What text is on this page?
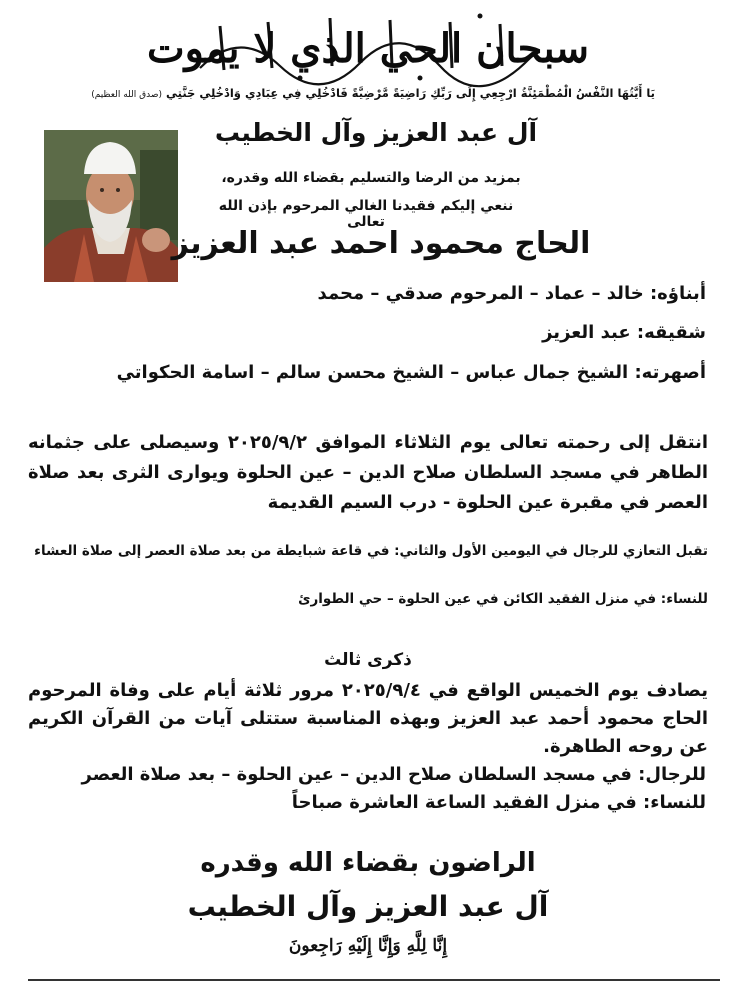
سبحان الحي الذي لا يموت
يَا أَيَّتُهَا النَّفْسُ الْمُطْمَئِنَّةُ ارْجِعِي إِلَى رَبِّكِ رَاضِيَةً مَّرْضِيَّةً فَادْخُلِي فِي عِبَادِي وَادْخُلِي جَنَّتِي (صدق الله العظيم)
آل عبد العزيز وآل الخطيب
بمزيد من الرضا والتسليم بقضاء الله وقدره،
ننعي إليكم فقيدنا الغالي المرحوم بإذن الله تعالى
الحاج محمود احمد عبد العزيز
أبناؤه: خالد – عماد – المرحوم صدقي – محمد
شقيقه: عبد العزيز
أصهرته: الشيخ جمال عباس – الشيخ محسن سالم – اسامة الحكواتي
انتقل إلى رحمته تعالى يوم الثلاثاء الموافق ٢٠٢٥/٩/٢ وسيصلى على جثمانه الطاهر في مسجد السلطان صلاح الدين – عين الحلوة ويوارى الثرى بعد صلاة العصر في مقبرة عين الحلوة - درب السيم القديمة
تقبل التعازي للرجال في اليومين الأول والثاني: في قاعة شبايطة من بعد صلاة العصر إلى صلاة العشاء
للنساء: في منزل الفقيد الكائن في عين الحلوة – حي الطوارئ
ذكرى ثالث
يصادف يوم الخميس الواقع في ٢٠٢٥/٩/٤ مرور ثلاثة أيام على وفاة المرحوم الحاج محمود أحمد عبد العزيز وبهذه المناسبة ستتلى آيات من القرآن الكريم عن روحه الطاهرة.
للرجال: في مسجد السلطان صلاح الدين – عين الحلوة – بعد صلاة العصر
للنساء: في منزل الفقيد الساعة العاشرة صباحاً
الراضون بقضاء الله وقدره
آل عبد العزيز وآل الخطيب
إِنَّا لِلَّهِ وَإِنَّا إِلَيْهِ رَاجِعونَ
